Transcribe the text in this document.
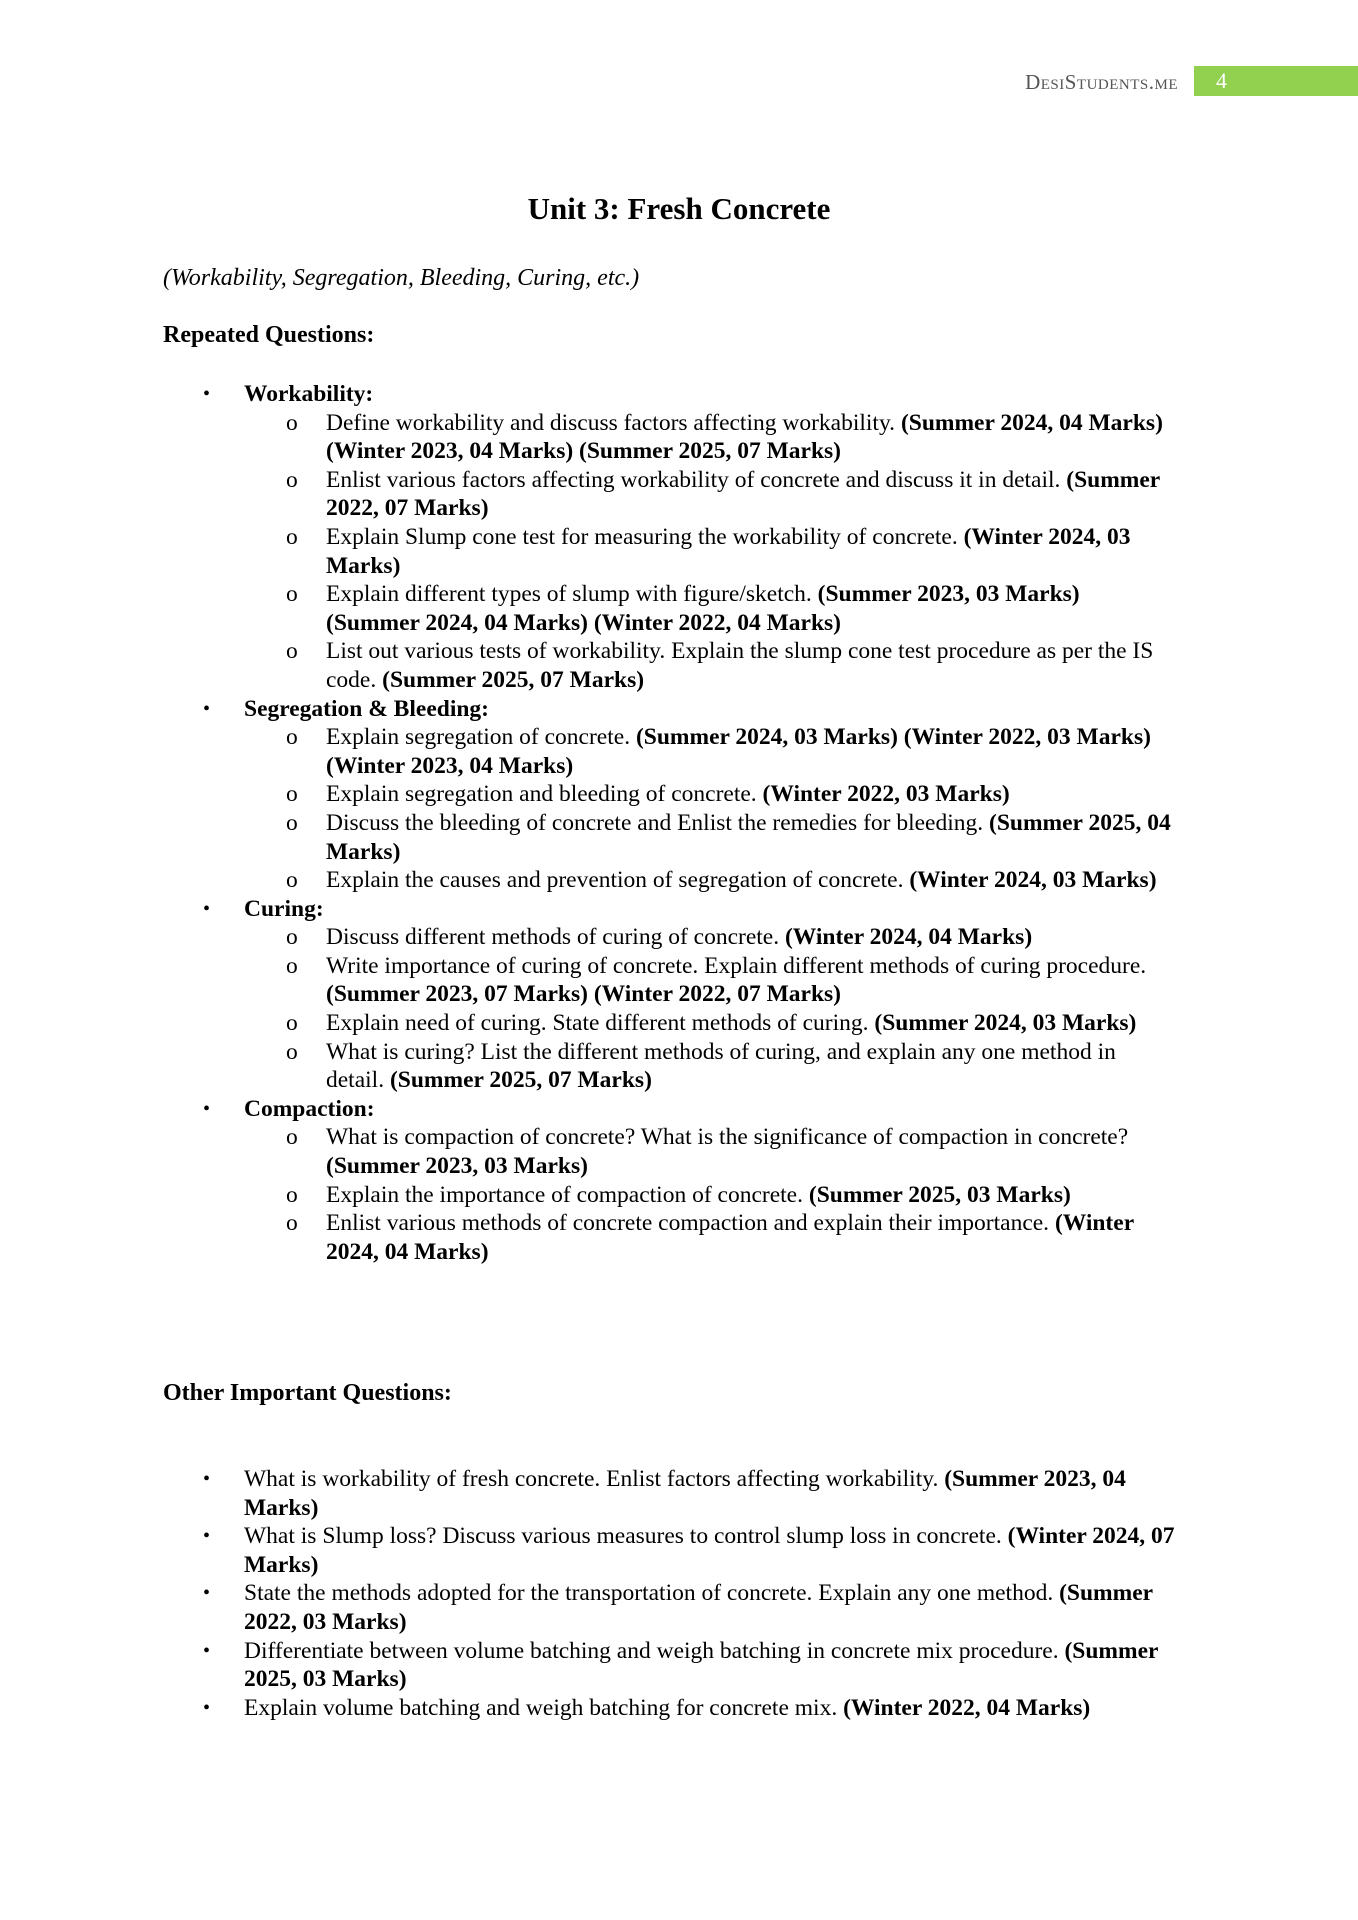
DesiStudents.me	4
Unit 3: Fresh Concrete
(Workability, Segregation, Bleeding, Curing, etc.)
Repeated Questions:
• Workability:
o Define workability and discuss factors affecting workability. (Summer 2024, 04 Marks) (Winter 2023, 04 Marks) (Summer 2025, 07 Marks)
o Enlist various factors affecting workability of concrete and discuss it in detail. (Summer 2022, 07 Marks)
o Explain Slump cone test for measuring the workability of concrete. (Winter 2024, 03 Marks)
o Explain different types of slump with figure/sketch. (Summer 2023, 03 Marks) (Summer 2024, 04 Marks) (Winter 2022, 04 Marks)
o List out various tests of workability. Explain the slump cone test procedure as per the IS code. (Summer 2025, 07 Marks)
• Segregation & Bleeding:
o Explain segregation of concrete. (Summer 2024, 03 Marks) (Winter 2022, 03 Marks) (Winter 2023, 04 Marks)
o Explain segregation and bleeding of concrete. (Winter 2022, 03 Marks)
o Discuss the bleeding of concrete and Enlist the remedies for bleeding. (Summer 2025, 04 Marks)
o Explain the causes and prevention of segregation of concrete. (Winter 2024, 03 Marks)
• Curing:
o Discuss different methods of curing of concrete. (Winter 2024, 04 Marks)
o Write importance of curing of concrete. Explain different methods of curing procedure. (Summer 2023, 07 Marks) (Winter 2022, 07 Marks)
o Explain need of curing. State different methods of curing. (Summer 2024, 03 Marks)
o What is curing? List the different methods of curing, and explain any one method in detail. (Summer 2025, 07 Marks)
• Compaction:
o What is compaction of concrete? What is the significance of compaction in concrete? (Summer 2023, 03 Marks)
o Explain the importance of compaction of concrete. (Summer 2025, 03 Marks)
o Enlist various methods of concrete compaction and explain their importance. (Winter 2024, 04 Marks)
Other Important Questions:
• What is workability of fresh concrete. Enlist factors affecting workability. (Summer 2023, 04 Marks)
• What is Slump loss? Discuss various measures to control slump loss in concrete. (Winter 2024, 07 Marks)
• State the methods adopted for the transportation of concrete. Explain any one method. (Summer 2022, 03 Marks)
• Differentiate between volume batching and weigh batching in concrete mix procedure. (Summer 2025, 03 Marks)
• Explain volume batching and weigh batching for concrete mix. (Winter 2022, 04 Marks)
